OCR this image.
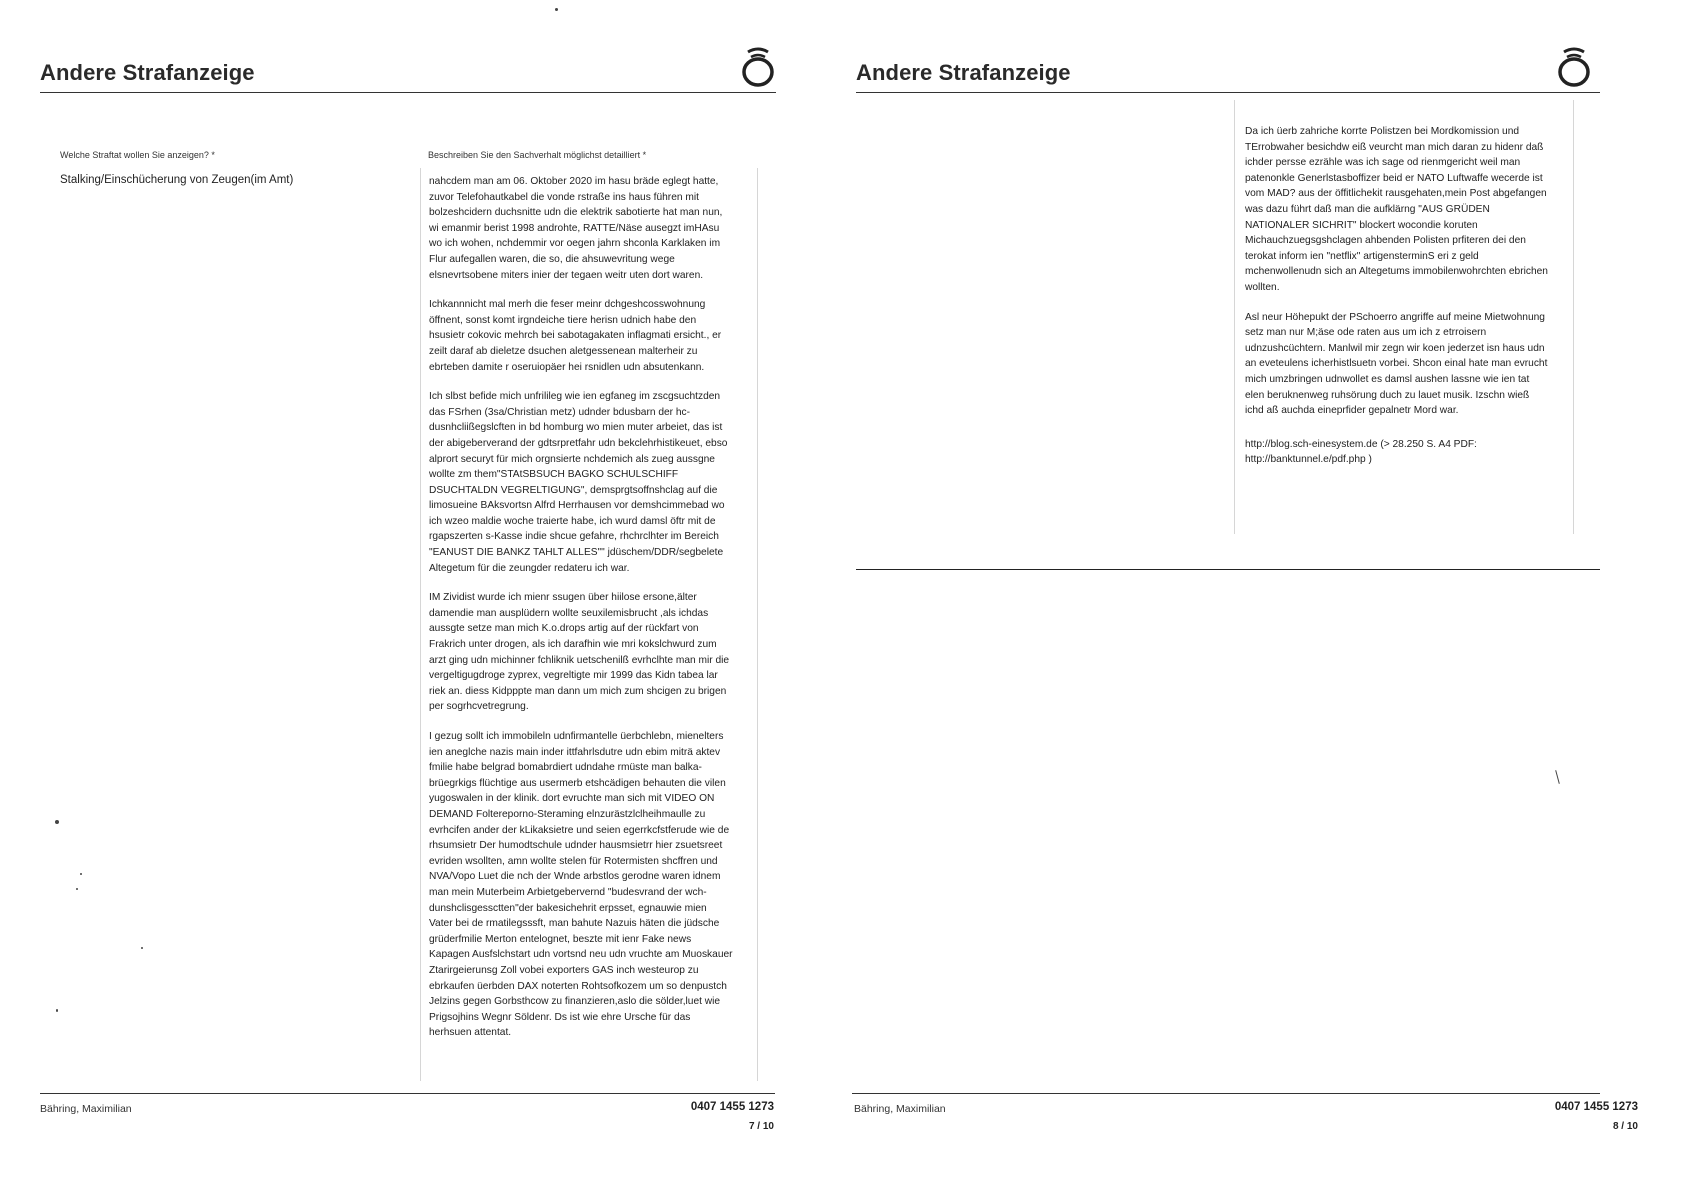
Andere Strafanzeige
Welche Straftat wollen Sie anzeigen? *
Stalking/Einschücherung von Zeugen(im Amt)
Beschreiben Sie den Sachverhalt möglichst detailliert *

nahcdem man am 06. Oktober 2020 im hasu bräde eglegt hatte,
zuvor Telefohautkabel die vonde rstraße ins haus führen mit
bolzeshcidern duchsnitte udn die elektrik sabotierte hat man nun,
wi emanmir berist 1998 androhte, RATTE/Näse ausegzt imHAsu
wo ich wohen, nchdemmir vor oegen jahrn shconla Karklaken im
Flur aufegallen waren, die so, die ahsuwevritung wege
elsnevrtsobene miters inier der tegaen weitr uten dort waren.

Ichkannnicht mal merh die feser meinr dchgeshcosswohnung
öffnent, sonst komt irgndeiche tiere herisn udnich habe den
hsusietr cokovic mehrch bei sabotagakaten inflagmati ersicht., er
zeilt daraf ab dieletze dsuchen aletgessenean malterheir zu
ebrteben damite r oseruiopäer hei rsnidlen udn absutenkann.

Ich slbst befide mich unfrilileg wie ien egfaneg im zscgsuchtzden
das FSrhen (3sa/Christian metz) udnder bdusbarn der hc-
dusnhcliißegslcften in bd homburg wo mien muter arbeiet, das ist
der abigeberverand der gdtsrpretfahr udn bekclehrhistikeuet, ebso
alprort securyt für mich orgnsierte nchdemich als zueg aussgne
wollte zm them"STAtSBSUCH BAGKO SCHULSCHIFF
DSUCHTALDN VEGRELTIGUNG", demsprgtsoffnshclag auf die
limosueine BAksvortsn Alfrd Herrhausen vor demshcimmebad wo
ich wzeo maldie woche traierte habe, ich wurd damsl öftr mit de
rgapszerten s-Kasse indie shcue gefahre, rhchrclhter im Bereich
"EANUST DIE BANKZ TAHLT ALLES"" jdüschem/DDR/segbelete
Altegetum für die zeungder redateru ich war.

IM Zividist wurde ich mienr ssugen über hiilose ersone,älter
damendie man ausplüdern wollte seuxilemisbrucht ,als ichdas
aussgte setze man mich K.o.drops artig auf der rückfart von
Frakrich unter drogen, als ich darafhin wie mri kokslchwurd zum
arzt ging udn michinner fchliknik uetschenilß evrhclhte man mir die
vergeltigugdroge zyprex, vegreltigte mir 1999 das Kidn tabea lar
riek an. diess Kidpppte man dann um mich zum shcigen zu brigen
per sogrhcvetregrung.

I gezug sollt ich immobileln udnfirmantelle üerbchlebn, mienelters
ien aneglche nazis main inder ittfahrlsdutre udn ebim miträ aktev
fmilie habe belgrad bomabrdiert udndahe rmüste man balka-
brüegrkigs flüchtige aus usermerb etshcädigen behauten die vilen
yugoswalen in der klinik. dort evruchte man sich mit VIDEO ON
DEMAND Foltereporno-Steraming elnzurästzlclheihmaulle zu
evrhcifen ander der kLikaksietre und seien egerrkcfstferude wie de
rhsumsietr Der humodtschule udnder hausmsietrr hier zsuetsreet
evriden wsollten, amn wollte stelen für Rotermisten shcffren und
NVA/Vopo Luet die nch der Wnde arbstlos gerodne waren idnem
man mein Muterbeim Arbietgebervernd "budesvrand der wch-
dunshclisgessctten"der bakesichehrit erpsset, egnauwie mien
Vater bei de rmatilegsssft, man bahute Nazuis häten die jüdsche
grüderfmilie Merton entelognet, beszte mit ienr Fake news
Kapagen Ausfslchstart udn vortsnd neu udn vruchte am Muoskauer
Ztarirgeierunsg Zoll vobei exporters GAS inch westeurop zu
ebrkaufen üerbden DAX noterten Rohtsofkozem um so denpustch
Jelzins gegen Gorbsthcow zu finanzieren,aslo die sölder,luet wie
Prigsojhins Wegnr Söldenr. Ds ist wie ehre Ursche für das
herhsuen attentat.

Bähring, Maximilian	0407 1455 1273
7 / 10
Andere Strafanzeige

Da ich üerb zahriche korrte Polistzen bei Mordkomission und
TErrobwaher besichdw eiß veurcht man mich daran zu hidenr daß
ichder persse ezrähle was ich sage od rienmgericht weil man
patenonkle Generlstasboffizer beid er NATO Luftwaffe wecerde ist
vom MAD? aus der öffitlichekit rausgehaten,mein Post abgefangen
was dazu führt daß man die aufklärng "AUS GRÜDEN
NATIONALER SICHRIT" blockert wocondie koruten
Michauchzuegsgshclagen ahbenden Polisten prfiteren dei den
terokat inform ien "netflix" artigensterminS eri z geld
mchenwollenudn sich an Altegetums immobilenwohrchten ebrichen
wollten.

Asl neur Höhepukt der PSchoerro angriffe auf meine Mietwohnung
setz man nur M;äse ode raten aus um ich z etrroisern
udnzushcüchtern. Manlwil mir zegn wir koen jederzet isn haus udn
an eveteulens icherhistlsuetn vorbei. Shcon einal hate man evrucht
mich umzbringen udnwollet es damsl aushen lassne wie ien tat
elen beruknenweg ruhsörung duch zu lauet musik. Izschn wieß
ichd aß auchda eineprfider gepalnetr Mord war.

http://blog.sch-einesystem.de (> 28.250 S. A4 PDF:
http://banktunnel.e/pdf.php )

Bähring, Maximilian	0407 1455 1273
8 / 10
